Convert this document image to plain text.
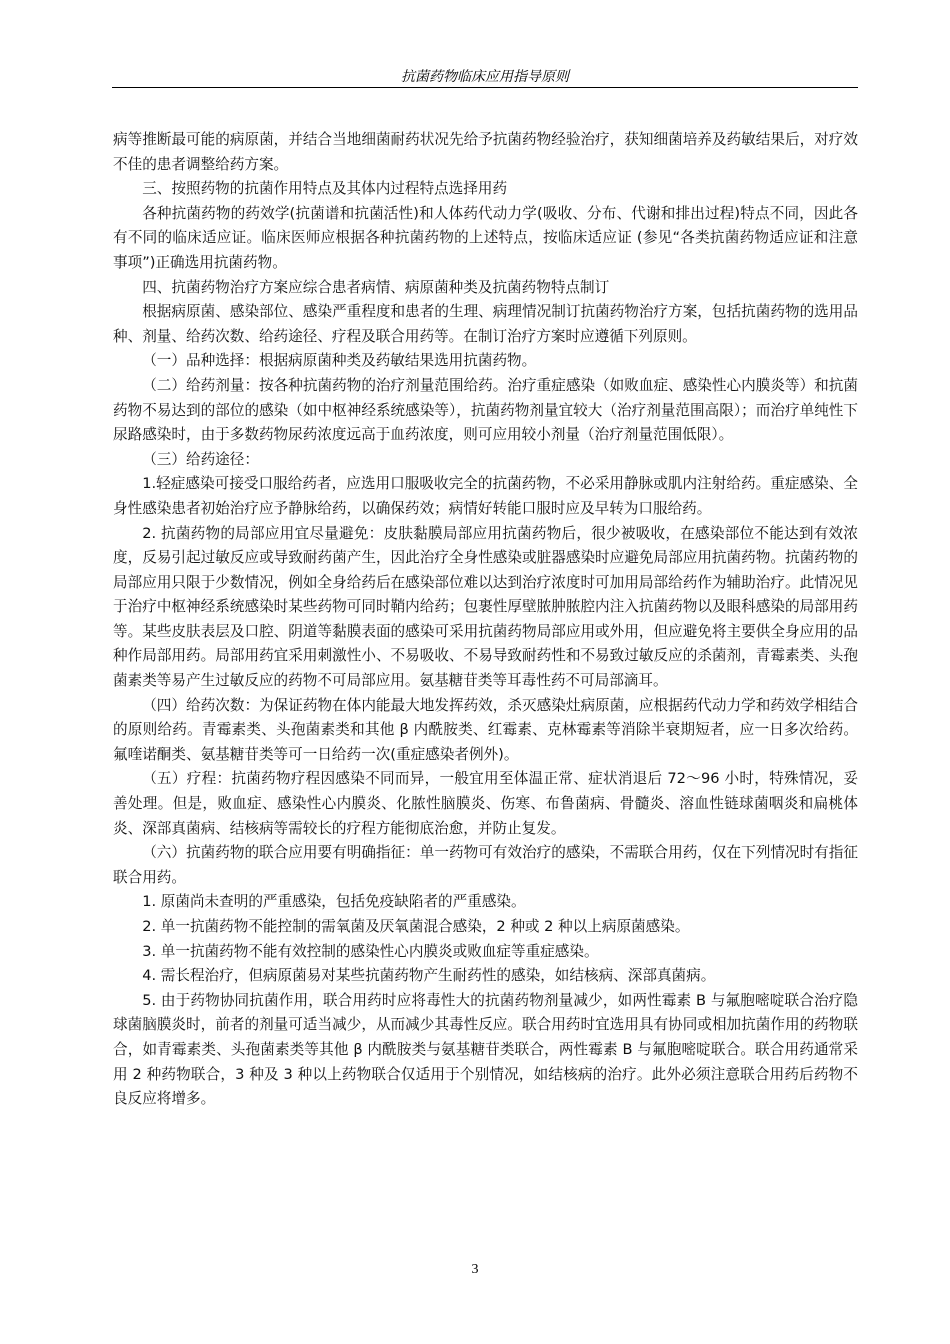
抗菌药物临床应用指导原则

病等推断最可能的病原菌，并结合当地细菌耐药状况先给予抗菌药物经验治疗，获知细菌培养及药敏结果后，对疗效不佳的患者调整给药方案。

三、按照药物的抗菌作用特点及其体内过程特点选择用药

各种抗菌药物的药效学(抗菌谱和抗菌活性)和人体药代动力学(吸收、分布、代谢和排出过程)特点不同，因此各有不同的临床适应证。临床医师应根据各种抗菌药物的上述特点，按临床适应证 (参见“各类抗菌药物适应证和注意事项”)正确选用抗菌药物。

四、抗菌药物治疗方案应综合患者病情、病原菌种类及抗菌药物特点制订

根据病原菌、感染部位、感染严重程度和患者的生理、病理情况制订抗菌药物治疗方案，包括抗菌药物的选用品种、剂量、给药次数、给药途径、疗程及联合用药等。在制订治疗方案时应遵循下列原则。

（一）品种选择：根据病原菌种类及药敏结果选用抗菌药物。

（二）给药剂量：按各种抗菌药物的治疗剂量范围给药。治疗重症感染（如败血症、感染性心内膜炎等）和抗菌药物不易达到的部位的感染（如中枢神经系统感染等），抗菌药物剂量宜较大（治疗剂量范围高限）；而治疗单纯性下尿路感染时，由于多数药物尿药浓度远高于血药浓度，则可应用较小剂量（治疗剂量范围低限）。

（三）给药途径：

1.轻症感染可接受口服给药者，应选用口服吸收完全的抗菌药物，不必采用静脉或肌内注射给药。重症感染、全身性感染患者初始治疗应予静脉给药，以确保药效；病情好转能口服时应及早转为口服给药。

2. 抗菌药物的局部应用宜尽量避免：皮肤黏膜局部应用抗菌药物后，很少被吸收，在感染部位不能达到有效浓度，反易引起过敏反应或导致耐药菌产生，因此治疗全身性感染或脏器感染时应避免局部应用抗菌药物。抗菌药物的局部应用只限于少数情况，例如全身给药后在感染部位难以达到治疗浓度时可加用局部给药作为辅助治疗。此情况见于治疗中枢神经系统感染时某些药物可同时鞘内给药；包裹性厚壁脓肿脓腔内注入抗菌药物以及眼科感染的局部用药等。某些皮肤表层及口腔、阴道等黏膜表面的感染可采用抗菌药物局部应用或外用，但应避免将主要供全身应用的品种作局部用药。局部用药宜采用刺激性小、不易吸收、不易导致耐药性和不易致过敏反应的杀菌剂，青霉素类、头孢菌素类等易产生过敏反应的药物不可局部应用。氨基糖苷类等耳毒性药不可局部滴耳。

（四）给药次数：为保证药物在体内能最大地发挥药效，杀灭感染灶病原菌，应根据药代动力学和药效学相结合的原则给药。青霉素类、头孢菌素类和其他 β 内酰胺类、红霉素、克林霉素等消除半衰期短者，应一日多次给药。氟喹诺酮类、氨基糖苷类等可一日给药一次(重症感染者例外)。

（五）疗程：抗菌药物疗程因感染不同而异，一般宜用至体温正常、症状消退后 72～96 小时，特殊情况，妥善处理。但是，败血症、感染性心内膜炎、化脓性脑膜炎、伤寒、布鲁菌病、骨髓炎、溶血性链球菌咽炎和扁桃体炎、深部真菌病、结核病等需较长的疗程方能彻底治愈，并防止复发。

（六）抗菌药物的联合应用要有明确指征：单一药物可有效治疗的感染，不需联合用药，仅在下列情况时有指征联合用药。

1. 原菌尚未查明的严重感染，包括免疫缺陷者的严重感染。

2. 单一抗菌药物不能控制的需氧菌及厌氧菌混合感染，2 种或 2 种以上病原菌感染。

3. 单一抗菌药物不能有效控制的感染性心内膜炎或败血症等重症感染。

4. 需长程治疗，但病原菌易对某些抗菌药物产生耐药性的感染，如结核病、深部真菌病。

5. 由于药物协同抗菌作用，联合用药时应将毒性大的抗菌药物剂量减少，如两性霉素 B 与氟胞嘧啶联合治疗隐球菌脑膜炎时，前者的剂量可适当减少，从而减少其毒性反应。联合用药时宜选用具有协同或相加抗菌作用的药物联合，如青霉素类、头孢菌素类等其他 β 内酰胺类与氨基糖苷类联合，两性霉素 B 与氟胞嘧啶联合。联合用药通常采用 2 种药物联合，3 种及 3 种以上药物联合仅适用于个别情况，如结核病的治疗。此外必须注意联合用药后药物不良反应将增多。

3
